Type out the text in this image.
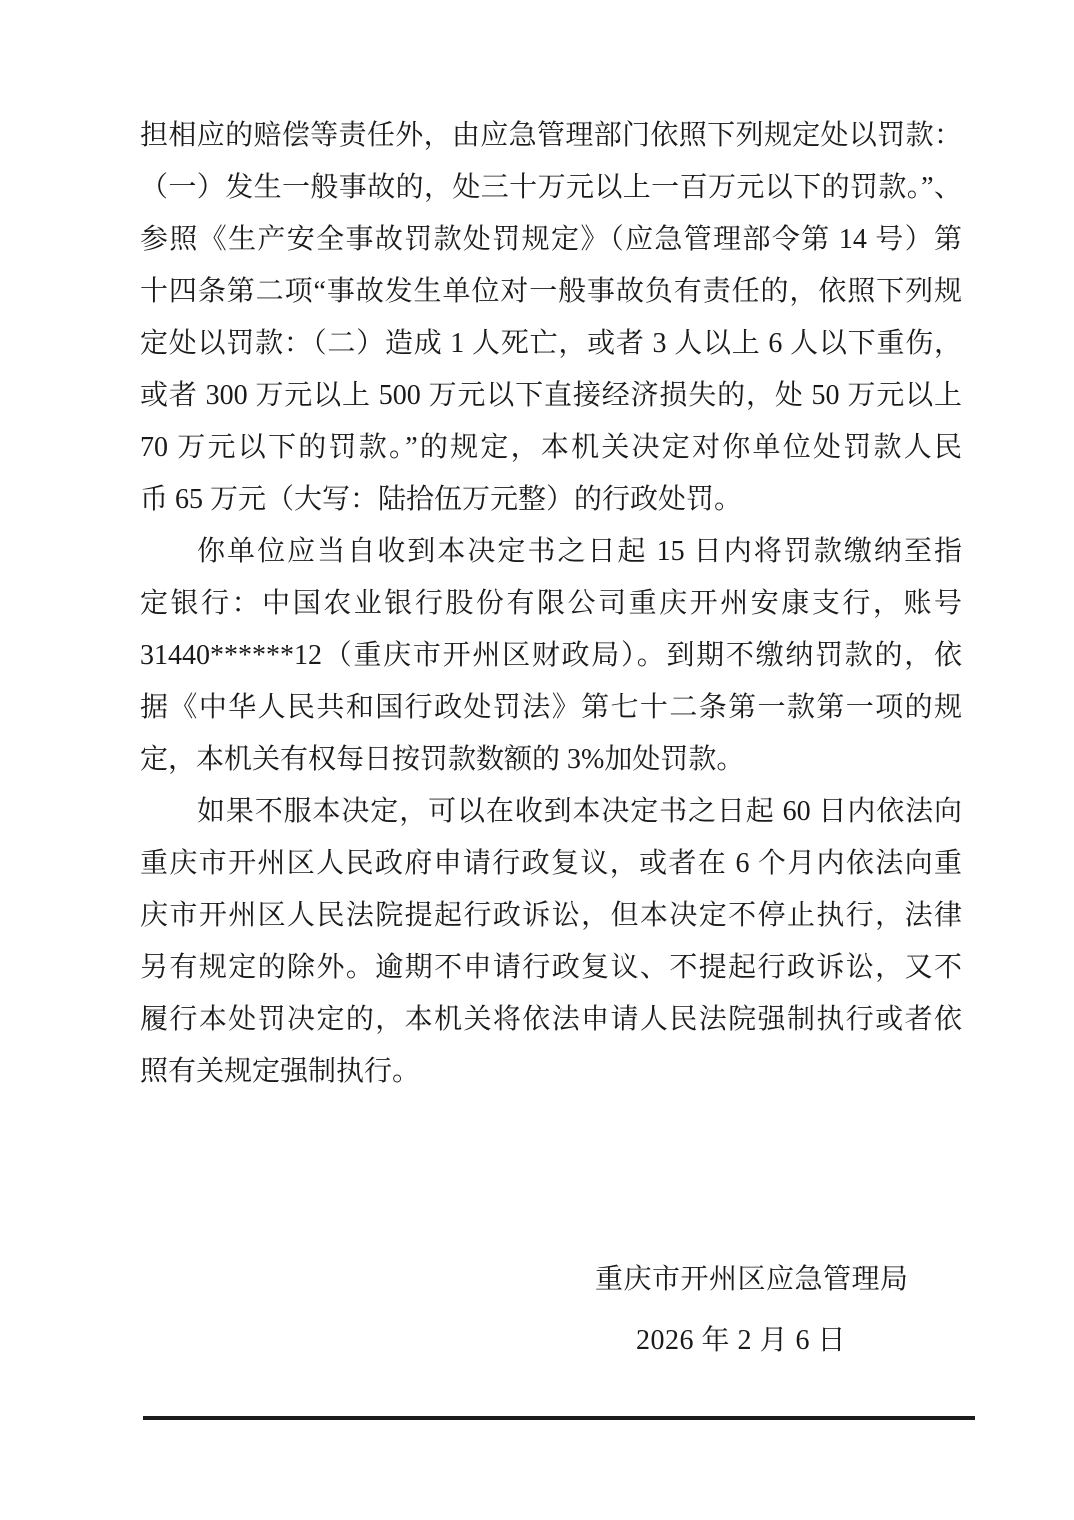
担相应的赔偿等责任外，由应急管理部门依照下列规定处以罚款：
（一）发生一般事故的，处三十万元以上一百万元以下的罚款。”、
参照《生产安全事故罚款处罚规定》（应急管理部令第 14 号）第
十四条第二项“事故发生单位对一般事故负有责任的，依照下列规
定处以罚款：（二）造成 1 人死亡，或者 3 人以上 6 人以下重伤，
或者 300 万元以上 500 万元以下直接经济损失的，处 50 万元以上
70 万元以下的罚款。”的规定，本机关决定对你单位处罚款人民
币 65 万元（大写：陆拾伍万元整）的行政处罚。
你单位应当自收到本决定书之日起 15 日内将罚款缴纳至指
定银行：中国农业银行股份有限公司重庆开州安康支行，账号
31440******12（重庆市开州区财政局）。到期不缴纳罚款的，依
据《中华人民共和国行政处罚法》第七十二条第一款第一项的规
定，本机关有权每日按罚款数额的 3%加处罚款。
如果不服本决定，可以在收到本决定书之日起 60 日内依法向
重庆市开州区人民政府申请行政复议，或者在 6 个月内依法向重
庆市开州区人民法院提起行政诉讼，但本决定不停止执行，法律
另有规定的除外。逾期不申请行政复议、不提起行政诉讼，又不
履行本处罚决定的，本机关将依法申请人民法院强制执行或者依
照有关规定强制执行。
重庆市开州区应急管理局
2026 年 2 月 6 日
